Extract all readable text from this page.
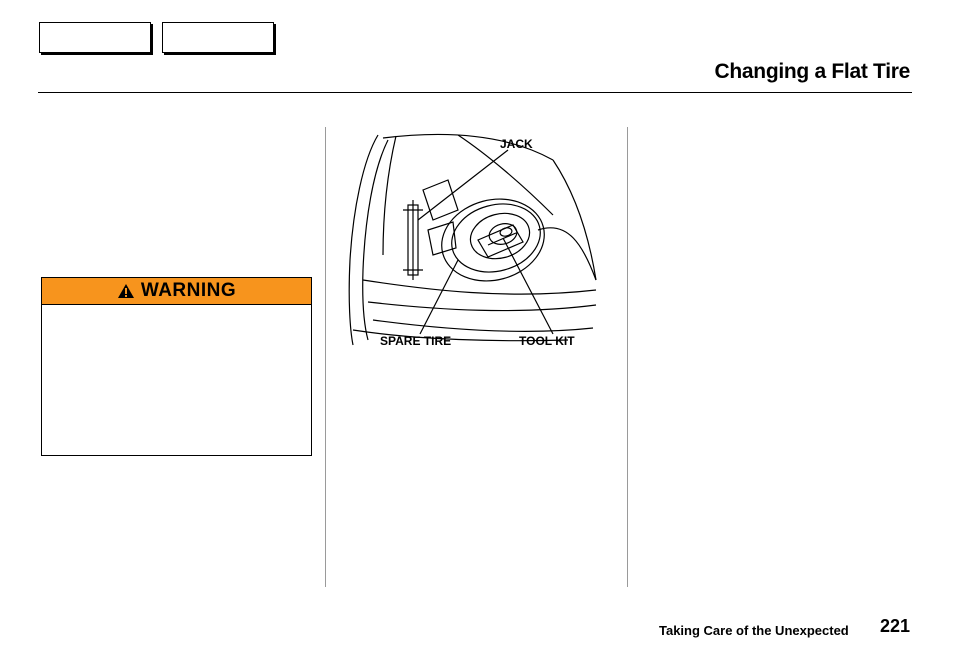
Changing a Flat Tire
WARNING
JACK
SPARE TIRE	TOOL KIT
Taking Care of the Unexpected 221
